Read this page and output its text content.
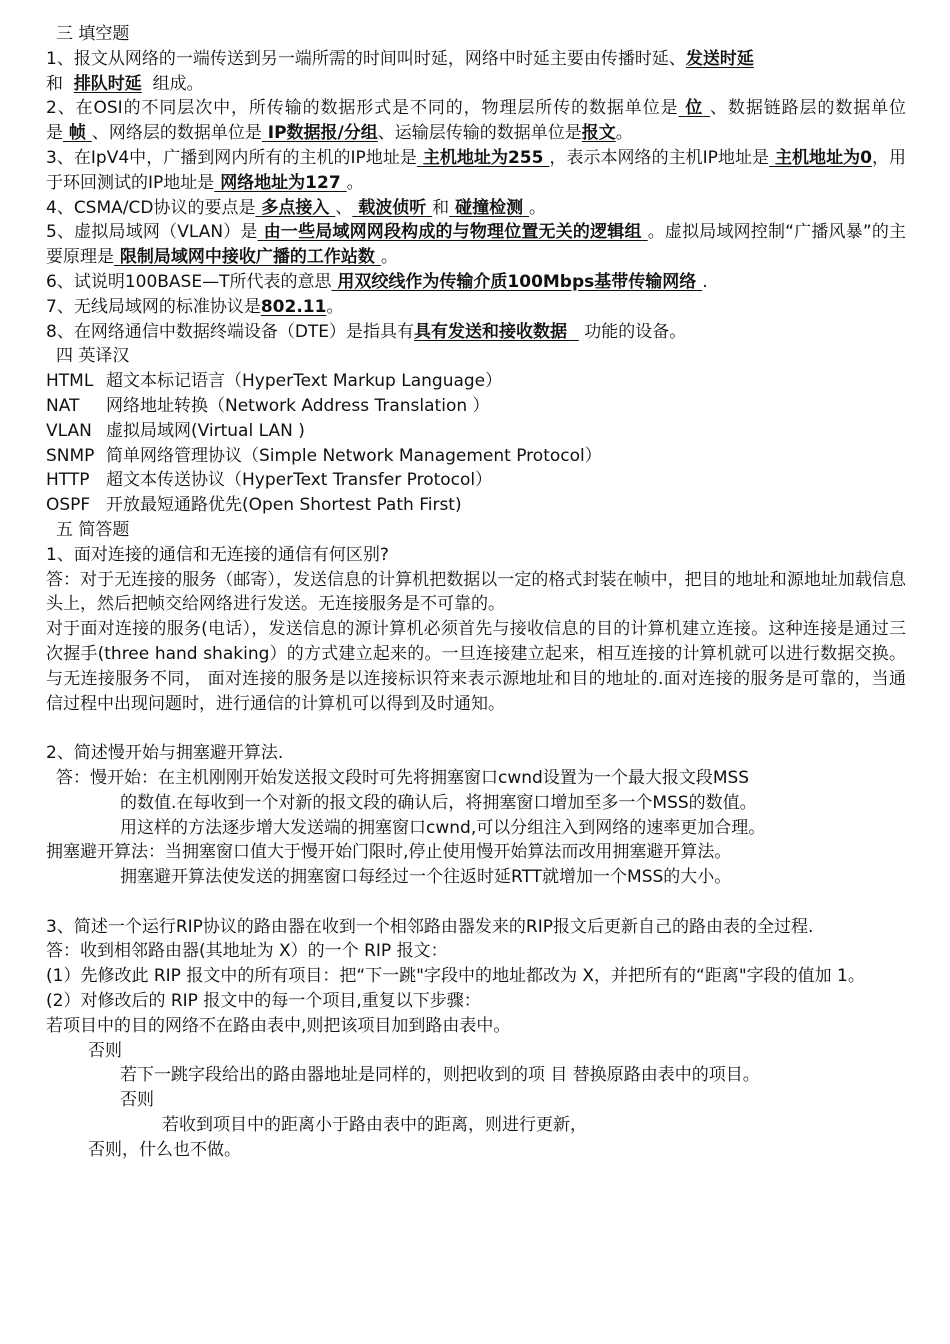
三 填空题
1、报文从网络的一端传送到另一端所需的时间叫时延，网络中时延主要由传播时延、发送时延
和 排队时延 组成。
2、在OSI的不同层次中，所传输的数据形式是不同的，物理层所传的数据单位是 位 、数据链路层的数据单位是 帧 、网络层的数据单位是 IP数据报/分组、运输层传输的数据单位是报文。
3、在IpV4中，广播到网内所有的主机的IP地址是 主机地址为255 ，表示本网络的主机IP地址是 主机地址为0，用于环回测试的IP地址是 网络地址为127 。
4、CSMA/CD协议的要点是 多点接入 、 载波侦听 和 碰撞检测 。
5、虚拟局域网（VLAN）是 由一些局域网网段构成的与物理位置无关的逻辑组 。虚拟局域网控制“广播风暴”的主要原理是 限制局域网中接收广播的工作站数 。
6、试说明100BASE—T所代表的意思 用双绞线作为传输介质100Mbps基带传输网络 .
7、无线局域网的标准协议是802.11。
8、在网络通信中数据终端设备（DTE）是指具有具有发送和接收数据 功能的设备。
四 英译汉
HTML 超文本标记语言（HyperText Markup Language）
NAT 网络地址转换（Network Address Translation ）
VLAN 虚拟局域网(Virtual LAN )
SNMP 简单网络管理协议（Simple Network Management Protocol）
HTTP 超文本传送协议（HyperText Transfer Protocol）
OSPF 开放最短通路优先(Open Shortest Path First)
五 简答题
1、面对连接的通信和无连接的通信有何区别?
答：对于无连接的服务（邮寄），发送信息的计算机把数据以一定的格式封装在帧中，把目的地址和源地址加载信息头上，然后把帧交给网络进行发送。无连接服务是不可靠的。
对于面对连接的服务(电话），发送信息的源计算机必须首先与接收信息的目的计算机建立连接。这种连接是通过三次握手(three hand shaking）的方式建立起来的。一旦连接建立起来，相互连接的计算机就可以进行数据交换。与无连接服务不同， 面对连接的服务是以连接标识符来表示源地址和目的地址的.面对连接的服务是可靠的，当通信过程中出现问题时，进行通信的计算机可以得到及时通知。
2、简述慢开始与拥塞避开算法.
答：慢开始：在主机刚刚开始发送报文段时可先将拥塞窗口cwnd设置为一个最大报文段MSS
的数值.在每收到一个对新的报文段的确认后，将拥塞窗口增加至多一个MSS的数值。
用这样的方法逐步增大发送端的拥塞窗口cwnd,可以分组注入到网络的速率更加合理。
拥塞避开算法：当拥塞窗口值大于慢开始门限时,停止使用慢开始算法而改用拥塞避开算法。
拥塞避开算法使发送的拥塞窗口每经过一个往返时延RTT就增加一个MSS的大小。
3、简述一个运行RIP协议的路由器在收到一个相邻路由器发来的RIP报文后更新自己的路由表的全过程.
答：收到相邻路由器(其地址为 X）的一个 RIP 报文：
(1）先修改此 RIP 报文中的所有项目：把“下一跳"字段中的地址都改为 X，并把所有的“距离"字段的值加 1。
(2）对修改后的 RIP 报文中的每一个项目,重复以下步骤：
若项目中的目的网络不在路由表中,则把该项目加到路由表中。
否则
若下一跳字段给出的路由器地址是同样的，则把收到的项 目 替换原路由表中的项目。
否则
若收到项目中的距离小于路由表中的距离，则进行更新，
否则，什么也不做。
